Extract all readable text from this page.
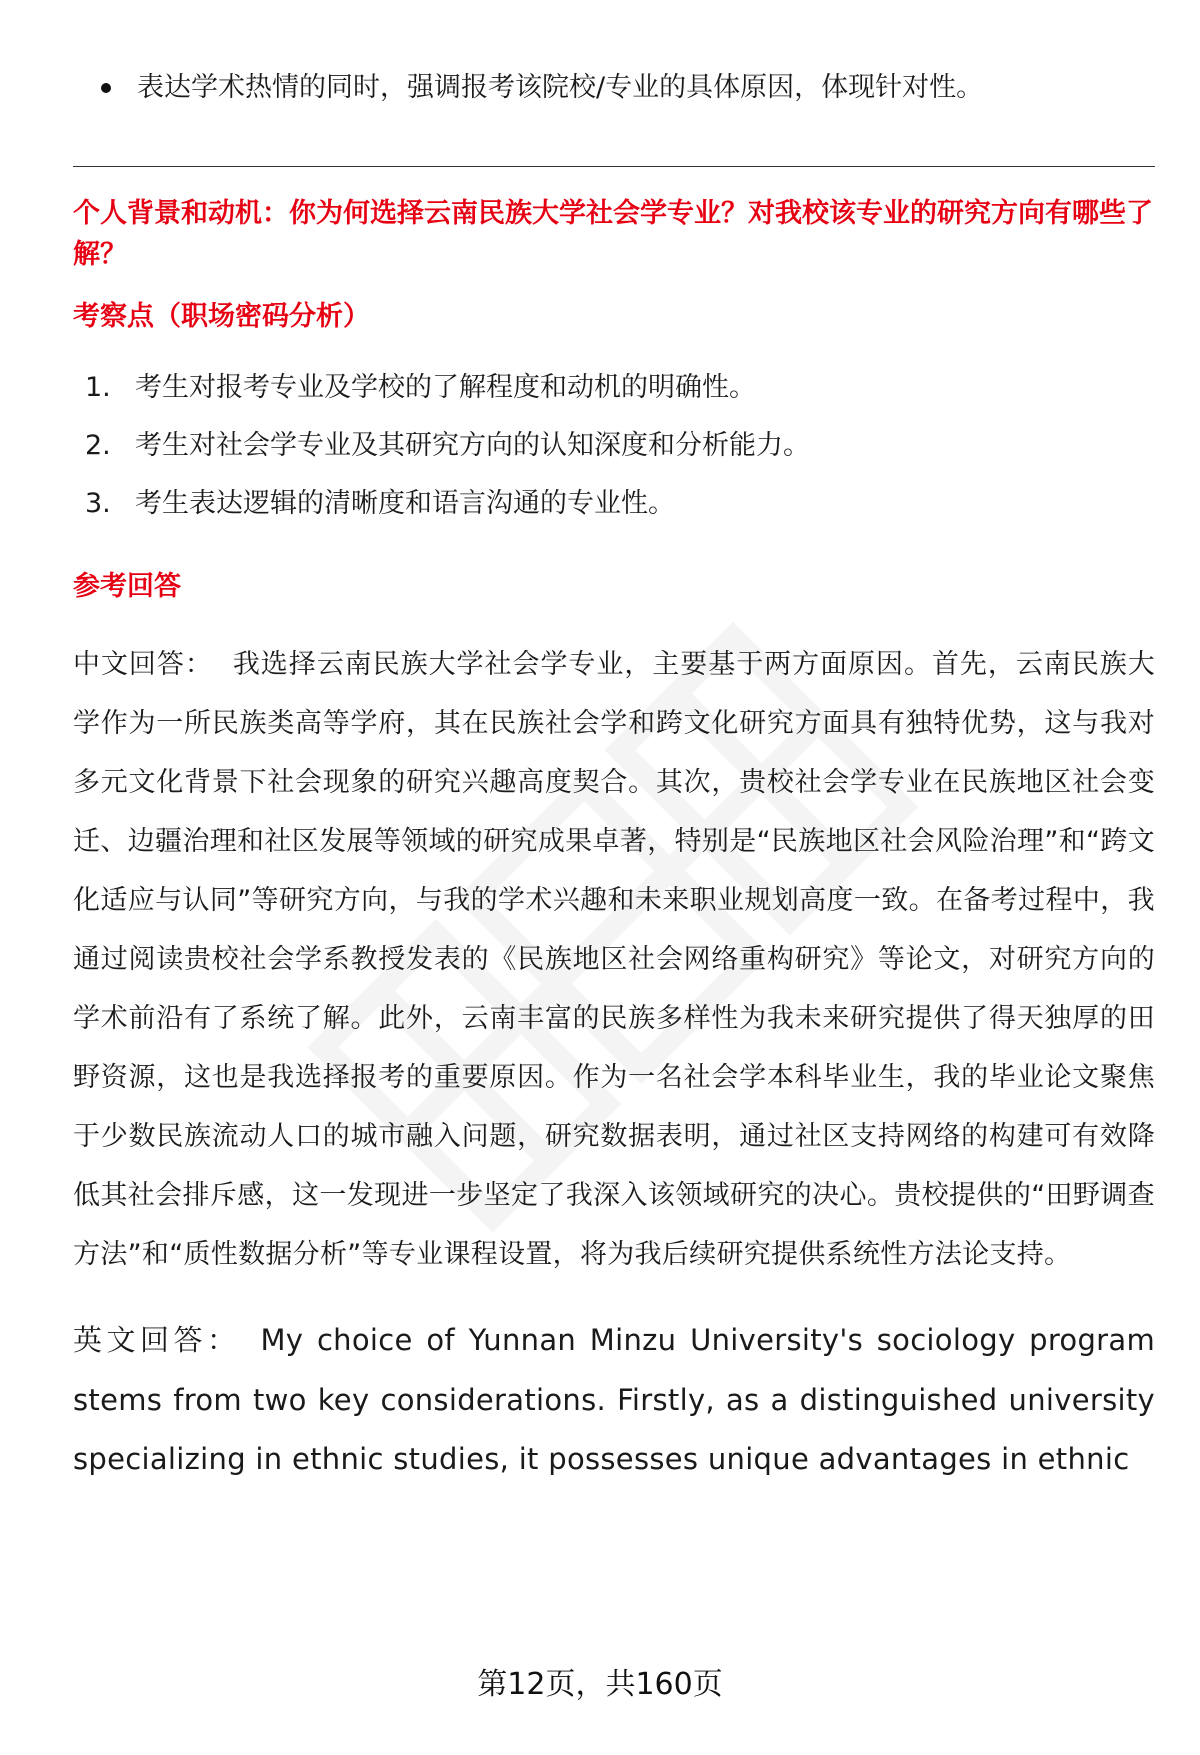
表达学术热情的同时，强调报考该院校/专业的具体原因，体现针对性。
个人背景和动机：你为何选择云南民族大学社会学专业？对我校该专业的研究方向有哪些了解？
考察点（职场密码分析）
1. 考生对报考专业及学校的了解程度和动机的明确性。
2. 考生对社会学专业及其研究方向的认知深度和分析能力。
3. 考生表达逻辑的清晰度和语言沟通的专业性。
参考回答
中文回答： 我选择云南民族大学社会学专业，主要基于两方面原因。首先，云南民族大学作为一所民族类高等学府，其在民族社会学和跨文化研究方面具有独特优势，这与我对多元文化背景下社会现象的研究兴趣高度契合。其次，贵校社会学专业在民族地区社会变迁、边疆治理和社区发展等领域的研究成果卓著，特别是“民族地区社会风险治理”和“跨文化适应与认同”等研究方向，与我的学术兴趣和未来职业规划高度一致。在备考过程中，我通过阅读贵校社会学系教授发表的《民族地区社会网络重构研究》等论文，对研究方向的学术前沿有了系统了解。此外，云南丰富的民族多样性为我未来研究提供了得天独厚的田野资源，这也是我选择报考的重要原因。作为一名社会学本科毕业生，我的毕业论文聚焦于少数民族流动人口的城市融入问题，研究数据表明，通过社区支持网络的构建可有效降低其社会排斥感，这一发现进一步坚定了我深入该领域研究的决心。贵校提供的“田野调查方法”和“质性数据分析”等专业课程设置，将为我后续研究提供系统性方法论支持。
英文回答： My choice of Yunnan Minzu University's sociology program stems from two key considerations. Firstly, as a distinguished university specializing in ethnic studies, it possesses unique advantages in ethnic
第12页，共160页
